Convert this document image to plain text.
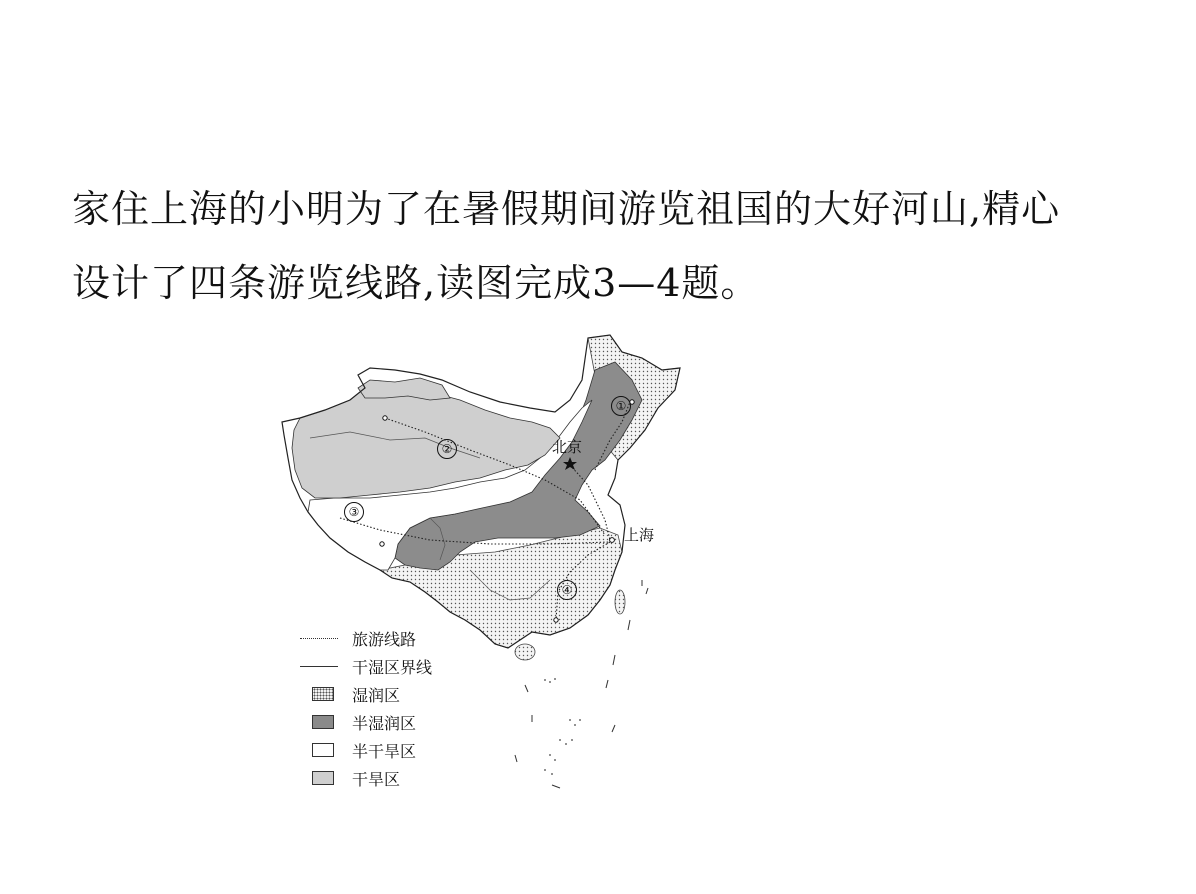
家住上海的小明为了在暑假期间游览祖国的大好河山,精心
设计了四条游览线路,读图完成3—4题。

北京
上海
①
②
③
④
旅游线路
干湿区界线
湿润区
半湿润区
半干旱区
干旱区
